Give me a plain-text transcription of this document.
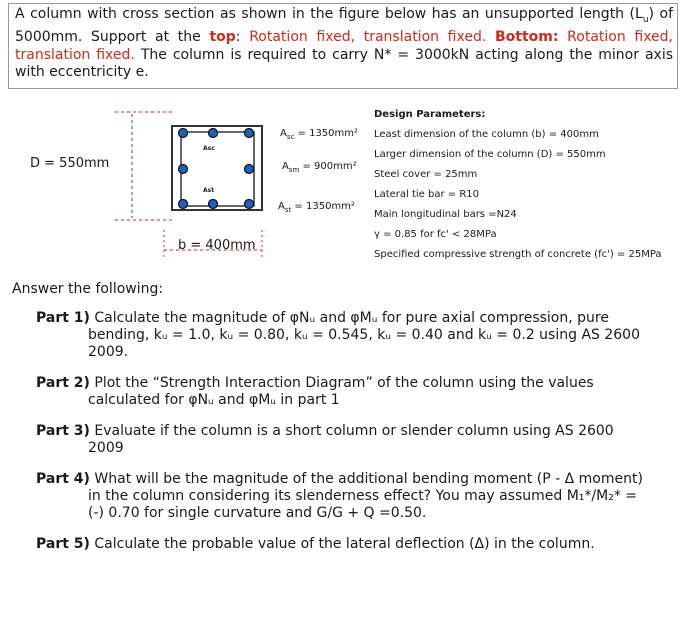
A column with cross section as shown in the figure below has an unsupported length $(L_u)$ of 5000mm. Support at the top: Rotation fixed, translation fixed. Bottom: Rotation fixed, translation fixed. The column is required to carry N* = 3000kN acting along the minor axis with eccentricity e.
D = 550mm
b = 400mm
Asc
Ast
$A_{sc} = 1350mm^2$
$A_{sm} = 900mm^2$
$A_{st} = 1350mm^2$
Design Parameters:
Least dimension of the column (b) = 400mm
Larger dimension of the column (D) = 550mm
Steel cover = 25mm
Lateral tie bar = R10
Main longitudinal bars =N24
γ = 0.85 for fc' < 28MPa
Specified compressive strength of concrete (fc') = 25MPa
Answer the following:
Part 1) Calculate the magnitude of φNᵤ and φMᵤ for pure axial compression, pure bending, kᵤ = 1.0, kᵤ = 0.80, kᵤ = 0.545, kᵤ = 0.40 and kᵤ = 0.2 using AS 2600 2009.
Part 2) Plot the “Strength Interaction Diagram” of the column using the values calculated for φNᵤ and φMᵤ in part 1
Part 3) Evaluate if the column is a short column or slender column using AS 2600 2009
Part 4) What will be the magnitude of the additional bending moment (P - Δ moment) in the column considering its slenderness effect? You may assumed M₁*/M₂* = (-) 0.70 for single curvature and G/G + Q =0.50.
Part 5) Calculate the probable value of the lateral deflection (Δ) in the column.
